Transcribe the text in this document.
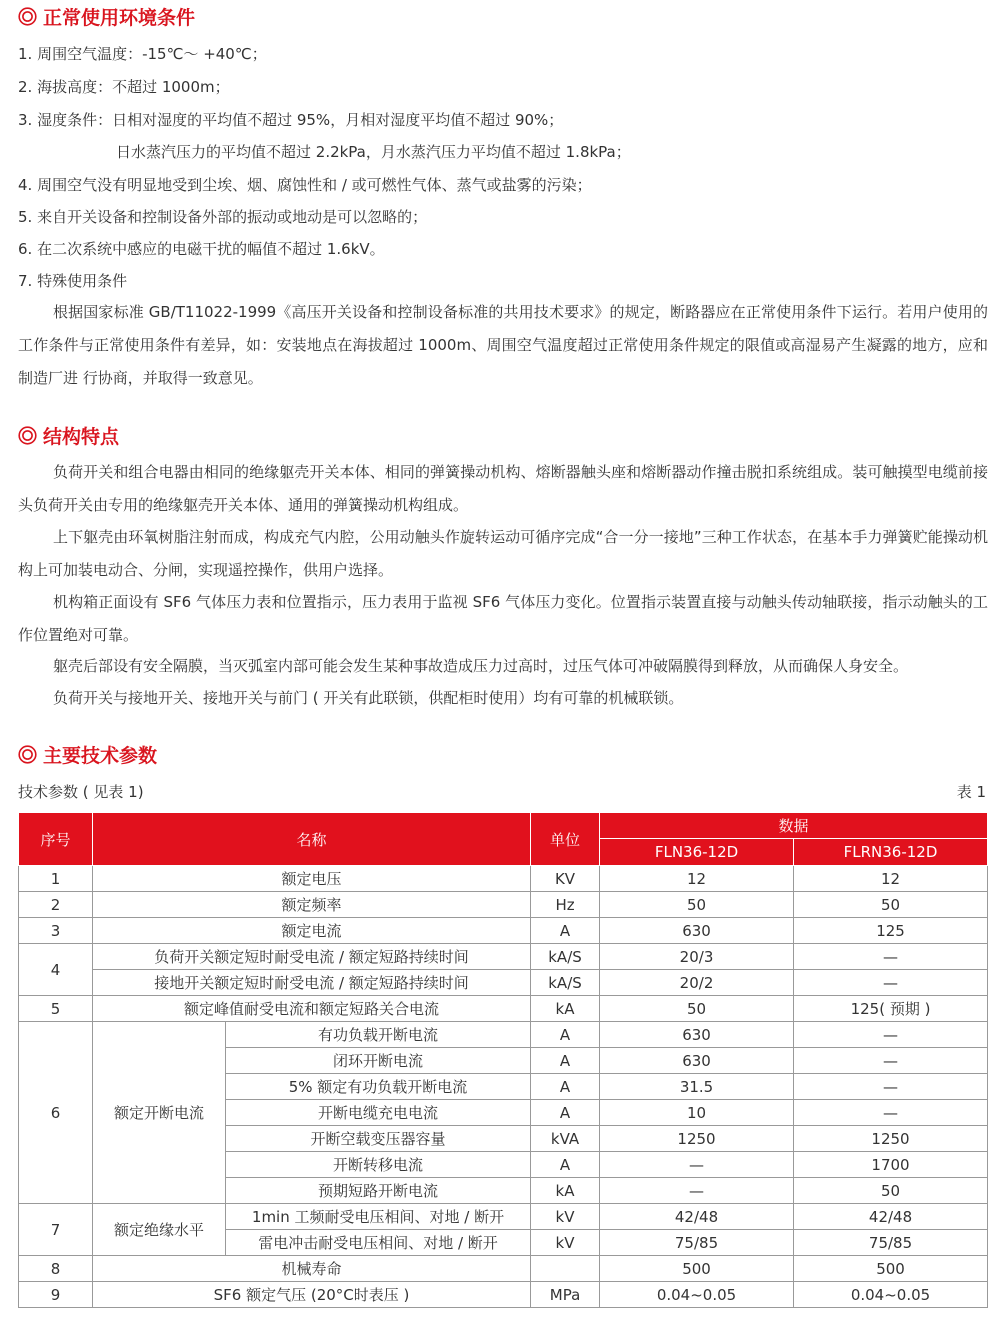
正常使用环境条件
1. 周围空气温度：-15℃～ +40℃；
2. 海拔高度：不超过 1000m；
3. 湿度条件：日相对湿度的平均值不超过 95%，月相对湿度平均值不超过 90%；
日水蒸汽压力的平均值不超过 2.2kPa，月水蒸汽压力平均值不超过 1.8kPa；
4. 周围空气没有明显地受到尘埃、烟、腐蚀性和 / 或可燃性气体、蒸气或盐雾的污染；
5. 来自开关设备和控制设备外部的振动或地动是可以忽略的；
6. 在二次系统中感应的电磁干扰的幅值不超过 1.6kV。
7. 特殊使用条件
根据国家标准 GB/T11022-1999《高压开关设备和控制设备标准的共用技术要求》的规定，断路器应在正常使用条件下运行。若用户使用的工作条件与正常使用条件有差异，如：安装地点在海拔超过 1000m、周围空气温度超过正常使用条件规定的限值或高湿易产生凝露的地方，应和制造厂进 行协商，并取得一致意见。
结构特点
负荷开关和组合电器由相同的绝缘躯壳开关本体、相同的弹簧操动机构、熔断器触头座和熔断器动作撞击脱扣系统组成。装可触摸型电缆前接头负荷开关由专用的绝缘躯壳开关本体、通用的弹簧操动机构组成。
上下躯壳由环氧树脂注射而成，构成充气内腔，公用动触头作旋转运动可循序完成“合一分一接地”三种工作状态，在基本手力弹簧贮能操动机构上可加装电动合、分闸，实现遥控操作，供用户选择。
机构箱正面设有 SF6 气体压力表和位置指示，压力表用于监视 SF6 气体压力变化。位置指示装置直接与动触头传动轴联接，指示动触头的工作位置绝对可靠。
躯壳后部设有安全隔膜，当灭弧室内部可能会发生某种事故造成压力过高时，过压气体可冲破隔膜得到释放，从而确保人身安全。
负荷开关与接地开关、接地开关与前门 ( 开关有此联锁，供配柜时使用）均有可靠的机械联锁。
主要技术参数
技术参数 ( 见表 1)	表 1
序号	名称		单位	数据	
				FLN36-12D	FLRN36-12D
1	额定电压		KV	12	12
2	额定频率		Hz	50	50
3	额定电流		A	630	125
4	负荷开关额定短时耐受电流 / 额定短路持续时间		kA/S	20/3	—
	接地开关额定短时耐受电流 / 额定短路持续时间		kA/S	20/2	—
5	额定峰值耐受电流和额定短路关合电流		kA	50	125( 预期 )
6	额定开断电流	有功负载开断电流	A	630	—
		闭环开断电流	A	630	—
		5% 额定有功负载开断电流	A	31.5	—
		开断电缆充电电流	A	10	—
		开断空载变压器容量	kVA	1250	1250
		开断转移电流	A	—	1700
		预期短路开断电流	kA	—	50
7	额定绝缘水平	1min 工频耐受电压相间、对地 / 断开	kV	42/48	42/48
		雷电冲击耐受电压相间、对地 / 断开	kV	75/85	75/85
8	机械寿命			500	500
9	SF6 额定气压 (20°C时表压 )		MPa	0.04~0.05	0.04~0.05
